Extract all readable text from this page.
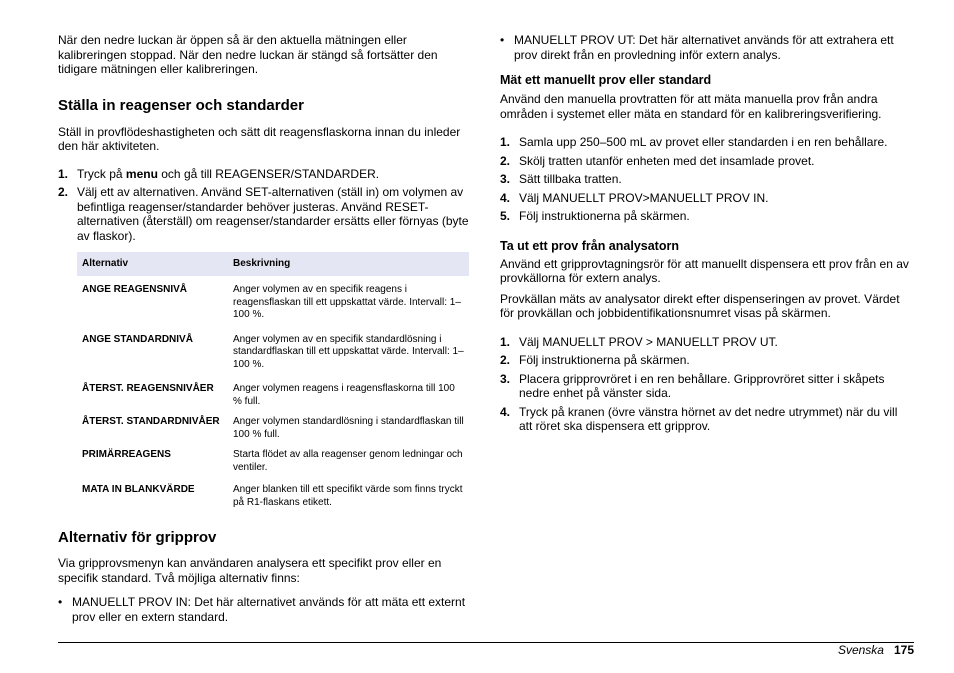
När den nedre luckan är öppen så är den aktuella mätningen eller kalibreringen stoppad. När den nedre luckan är stängd så fortsätter den tidigare mätningen eller kalibreringen.

Ställa in reagenser och standarder

Ställ in provflödeshastigheten och sätt dit reagensflaskorna innan du inleder den här aktiviteten.

1. Tryck på menu och gå till REAGENSER/STANDARDER.
2. Välj ett av alternativen. Använd SET-alternativen (ställ in) om volymen av befintliga reagenser/standarder behöver justeras. Använd RESET-alternativen (återställ) om reagenser/standarder ersätts eller förnyas (byte av flaskor).
Alternativ	Beskrivning
ANGE REAGENSNIVÅ	Anger volymen av en specifik reagens i reagensflaskan till ett uppskattat värde. Intervall: 1–100 %.
ANGE STANDARDNIVÅ	Anger volymen av en specifik standardlösning i standardflaskan till ett uppskattat värde. Intervall: 1–100 %.
ÅTERST. REAGENSNIVÅER	Anger volymen reagens i reagensflaskorna till 100 % full.
ÅTERST. STANDARDNIVÅER	Anger volymen standardlösning i standardflaskan till 100 % full.
PRIMÄRREAGENS	Starta flödet av alla reagenser genom ledningar och ventiler.
MATA IN BLANKVÄRDE	Anger blanken till ett specifikt värde som finns tryckt på R1-flaskans etikett.
Alternativ för gripprov

Via gripprovsmenyn kan användaren analysera ett specifikt prov eller en specifik standard. Två möjliga alternativ finns:

• MANUELLT PROV IN: Det här alternativet används för att mäta ett externt prov eller en extern standard.
• MANUELLT PROV UT: Det här alternativet används för att extrahera ett prov direkt från en provledning inför extern analys.
Mät ett manuellt prov eller standard

Använd den manuella provtratten för att mäta manuella prov från andra områden i systemet eller mäta en standard för en kalibreringsverifiering.

1. Samla upp 250–500 mL av provet eller standarden i en ren behållare.
2. Skölj tratten utanför enheten med det insamlade provet.
3. Sätt tillbaka tratten.
4. Välj MANUELLT PROV>MANUELLT PROV IN.
5. Följ instruktionerna på skärmen.
Ta ut ett prov från analysatorn

Använd ett gripprovtagningsrör för att manuellt dispensera ett prov från en av provkällorna för extern analys.

Provkällan mäts av analysator direkt efter dispenseringen av provet. Värdet för provkällan och jobbidentifikationsnumret visas på skärmen.

1. Välj MANUELLT PROV > MANUELLT PROV UT.
2. Följ instruktionerna på skärmen.
3. Placera gripprovröret i en ren behållare. Gripprovröret sitter i skåpets nedre enhet på vänster sida.
4. Tryck på kranen (övre vänstra hörnet av det nedre utrymmet) när du vill att röret ska dispensera ett gripprov.
Svenska 175
